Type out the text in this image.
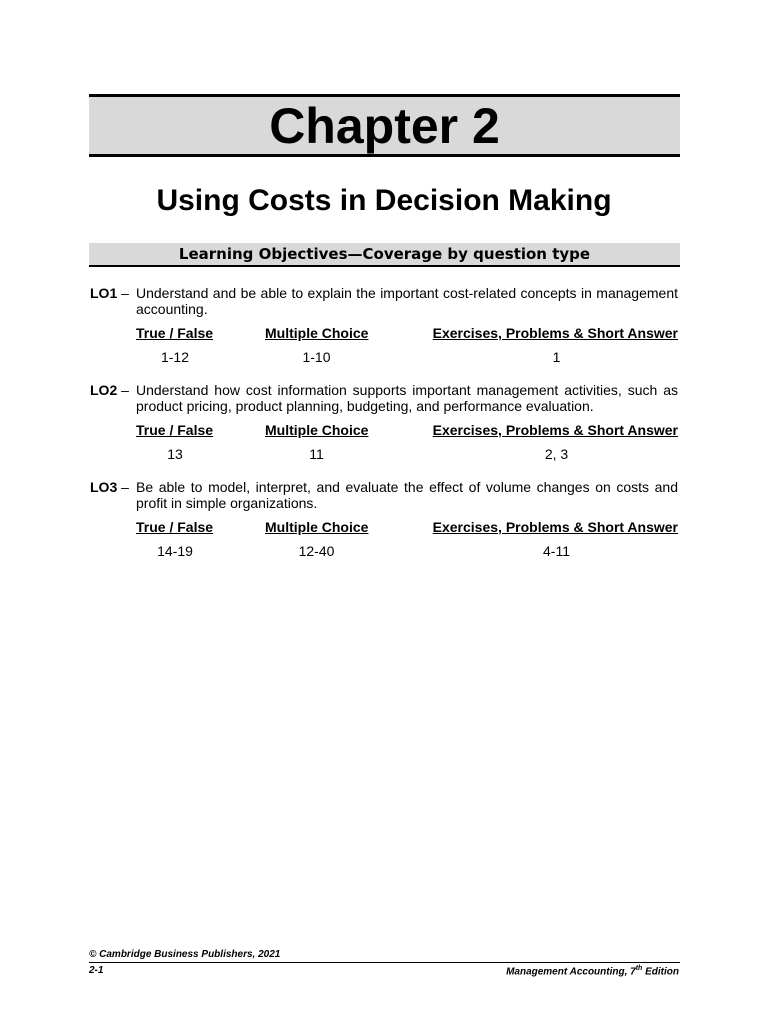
Chapter 2
Using Costs in Decision Making
Learning Objectives—Coverage by question type
LO1 – Understand and be able to explain the important cost-related concepts in management accounting.
True / False	Multiple Choice	Exercises, Problems & Short Answer
1-12	1-10	1
LO2 – Understand how cost information supports important management activities, such as product pricing, product planning, budgeting, and performance evaluation.
True / False	Multiple Choice	Exercises, Problems & Short Answer
13	11	2, 3
LO3 – Be able to model, interpret, and evaluate the effect of volume changes on costs and profit in simple organizations.
True / False	Multiple Choice	Exercises, Problems & Short Answer
14-19	12-40	4-11
© Cambridge Business Publishers, 2021
2-1	Management Accounting, 7th Edition
